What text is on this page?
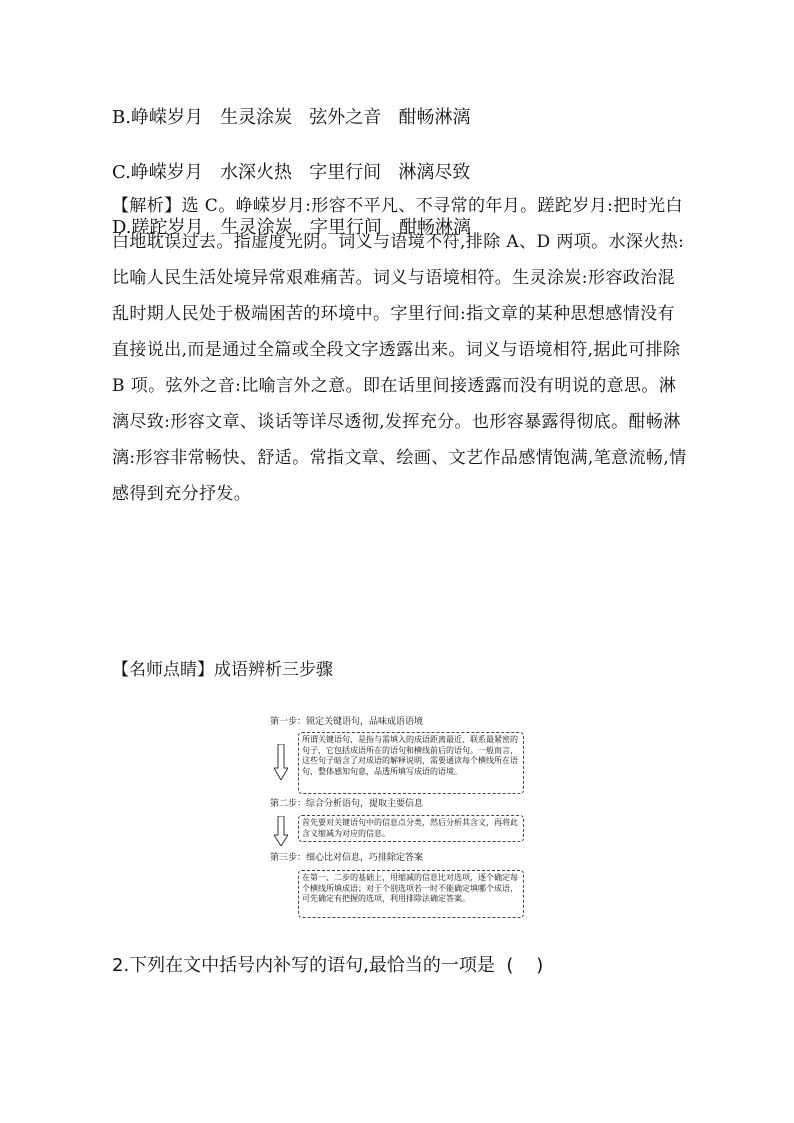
B.峥嵘岁月   生灵涂炭   弦外之音   酣畅淋漓
C.峥嵘岁月   水深火热   字里行间   淋漓尽致
D.蹉跎岁月   生灵涂炭   字里行间   酣畅淋漓
【解析】选 C。峥嵘岁月:形容不平凡、不寻常的年月。蹉跎岁月:把时光白白地耽误过去。指虚度光阴。词义与语境不符,排除 A、D 两项。水深火热:比喻人民生活处境异常艰难痛苦。词义与语境相符。生灵涂炭:形容政治混乱时期人民处于极端困苦的环境中。字里行间:指文章的某种思想感情没有直接说出,而是通过全篇或全段文字透露出来。词义与语境相符,据此可排除 B 项。弦外之音:比喻言外之意。即在话里间接透露而没有明说的意思。淋漓尽致:形容文章、谈话等详尽透彻,发挥充分。也形容暴露得彻底。酣畅淋漓:形容非常畅快、舒适。常指文章、绘画、文艺作品感情饱满,笔意流畅,情感得到充分抒发。
【名师点睛】成语辨析三步骤
第一步：锁定关键语句，品味成语语境
所谓关键语句，是指与需填入的成语距离最近、联系最紧密的句子，它包括成语所在的语句和横线前后的语句。一般而言，这些句子暗含了对成语的解释说明，需要通读每个横线所在语句，整体感知句意，品透所填写成语的语境。
第二步：综合分析语句，提取主要信息
首先要对关键语句中的信息点分类，然后分析其含义，再将此含义缩减为对应的信息。
第三步：细心比对信息，巧排除定答案
在第一、二步的基础上，用缩减的信息比对选项，逐个确定每个横线所填成语；对于个别选项若一时不能确定填哪个成语，可先确定有把握的选项，利用排除法确定答案。
2.下列在文中括号内补写的语句,最恰当的一项是  (    )
